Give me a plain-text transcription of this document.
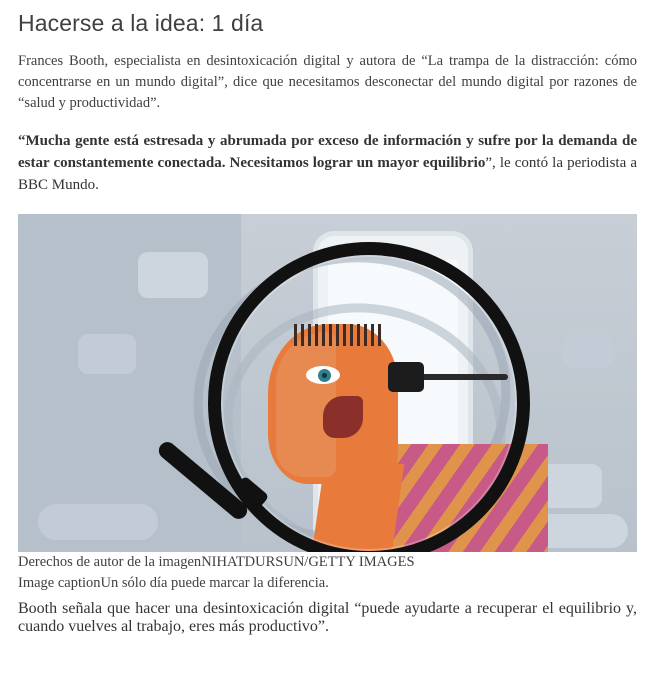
Hacerse a la idea: 1 día

Frances Booth, especialista en desintoxicación digital y autora de “La trampa de la distracción: cómo concentrarse en un mundo digital”, dice que necesitamos desconectar del mundo digital por razones de “salud y productividad”.

“Mucha gente está estresada y abrumada por exceso de información y sufre por la demanda de estar constantemente conectada. Necesitamos lograr un mayor equilibrio”, le contó la periodista a BBC Mundo.

Derechos de autor de la imagenNIHATDURSUN/GETTY IMAGES
Image captionUn sólo día puede marcar la diferencia.

Booth señala que hacer una desintoxicación digital “puede ayudarte a recuperar el equilibrio y, cuando vuelves al trabajo, eres más productivo”.
